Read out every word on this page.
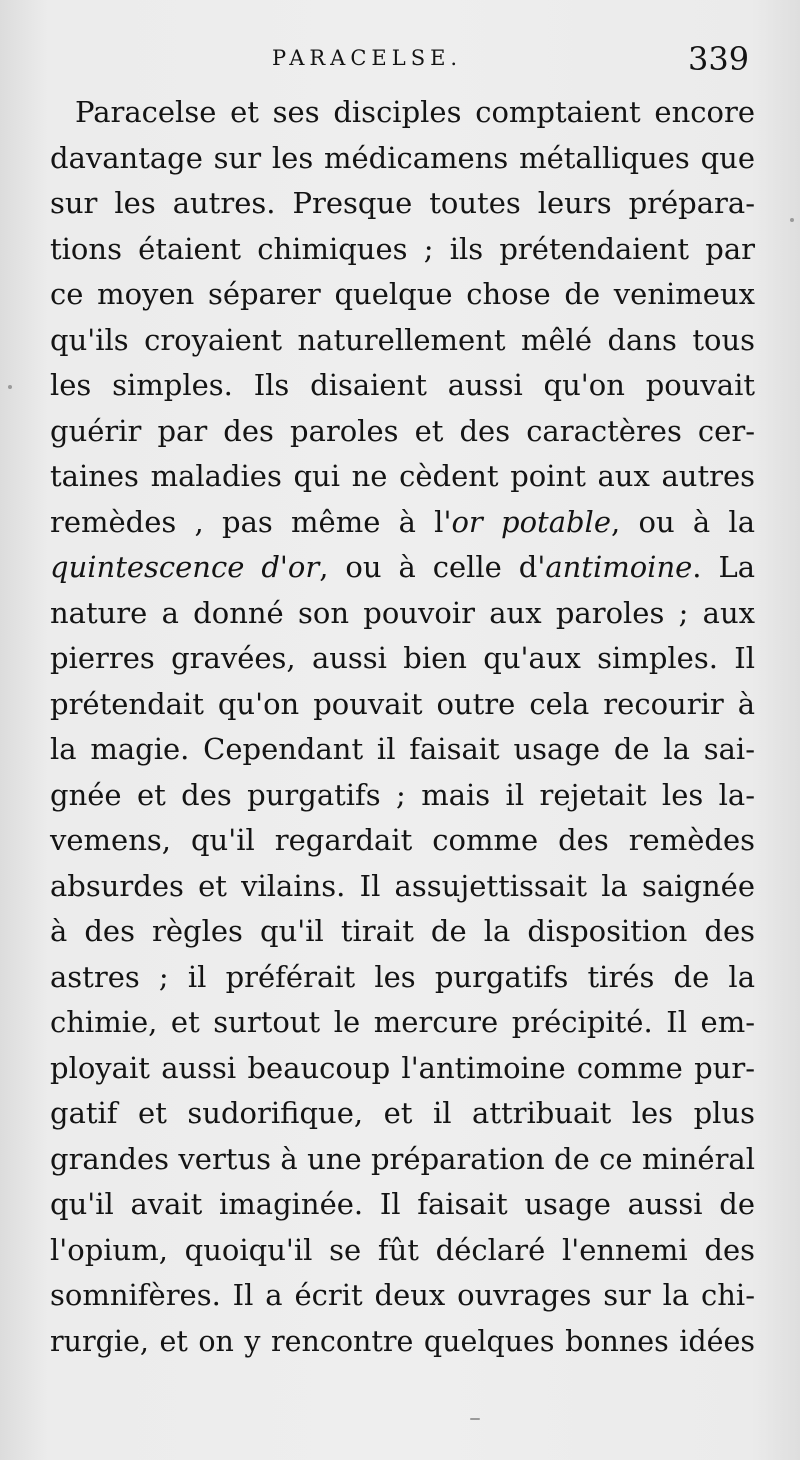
PARACELSE.	339
Paracelse et ses disciples comptaient encore
davantage sur les médicamens métalliques que
sur les autres. Presque toutes leurs prépara-
tions étaient chimiques ; ils prétendaient par
ce moyen séparer quelque chose de venimeux
qu'ils croyaient naturellement mêlé dans tous
les simples. Ils disaient aussi qu'on pouvait
guérir par des paroles et des caractères cer-
taines maladies qui ne cèdent point aux autres
remèdes , pas même à l'or potable, ou à la
quintescence d'or, ou à celle d'antimoine. La
nature a donné son pouvoir aux paroles ; aux
pierres gravées, aussi bien qu'aux simples. Il
prétendait qu'on pouvait outre cela recourir à
la magie. Cependant il faisait usage de la sai-
gnée et des purgatifs ; mais il rejetait les la-
vemens, qu'il regardait comme des remèdes
absurdes et vilains. Il assujettissait la saignée
à des règles qu'il tirait de la disposition des
astres ; il préférait les purgatifs tirés de la
chimie, et surtout le mercure précipité. Il em-
ployait aussi beaucoup l'antimoine comme pur-
gatif et sudorifique, et il attribuait les plus
grandes vertus à une préparation de ce minéral
qu'il avait imaginée. Il faisait usage aussi de
l'opium, quoiqu'il se fût déclaré l'ennemi des
somnifères. Il a écrit deux ouvrages sur la chi-
rurgie, et on y rencontre quelques bonnes idées
